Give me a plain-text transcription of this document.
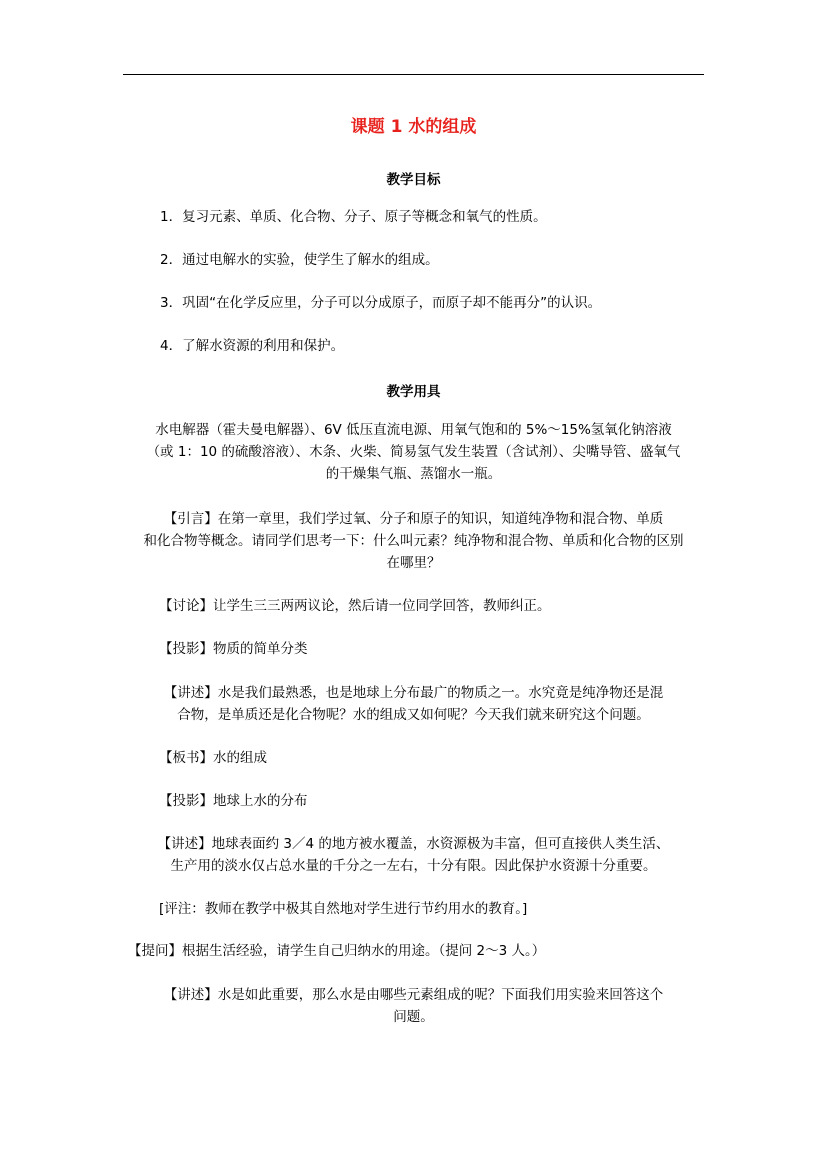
课题 1 水的组成
教学目标
1．复习元素、单质、化合物、分子、原子等概念和氧气的性质。
2．通过电解水的实验，使学生了解水的组成。
3．巩固“在化学反应里，分子可以分成原子，而原子却不能再分”的认识。
4．了解水资源的利用和保护。
教学用具
水电解器（霍夫曼电解器）、6V 低压直流电源、用氧气饱和的 5%～15%氢氧化钠溶液
（或 1：10 的硫酸溶液）、木条、火柴、简易氢气发生装置（含试剂）、尖嘴导管、盛氧气
的干燥集气瓶、蒸馏水一瓶。
【引言】在第一章里，我们学过氧、分子和原子的知识，知道纯净物和混合物、单质
和化合物等概念。请同学们思考一下：什么叫元素？纯净物和混合物、单质和化合物的区别
在哪里？
【讨论】让学生三三两两议论，然后请一位同学回答，教师纠正。
【投影】物质的简单分类
【讲述】水是我们最熟悉，也是地球上分布最广的物质之一。水究竟是纯净物还是混
合物，是单质还是化合物呢？水的组成又如何呢？今天我们就来研究这个问题。
【板书】水的组成
【投影】地球上水的分布
【讲述】地球表面约 3／4 的地方被水覆盖，水资源极为丰富，但可直接供人类生活、
生产用的淡水仅占总水量的千分之一左右，十分有限。因此保护水资源十分重要。
[评注：教师在教学中极其自然地对学生进行节约用水的教育。]
【提问】根据生活经验，请学生自己归纳水的用途。（提问 2～3 人。）
【讲述】水是如此重要，那么水是由哪些元素组成的呢？下面我们用实验来回答这个
问题。
